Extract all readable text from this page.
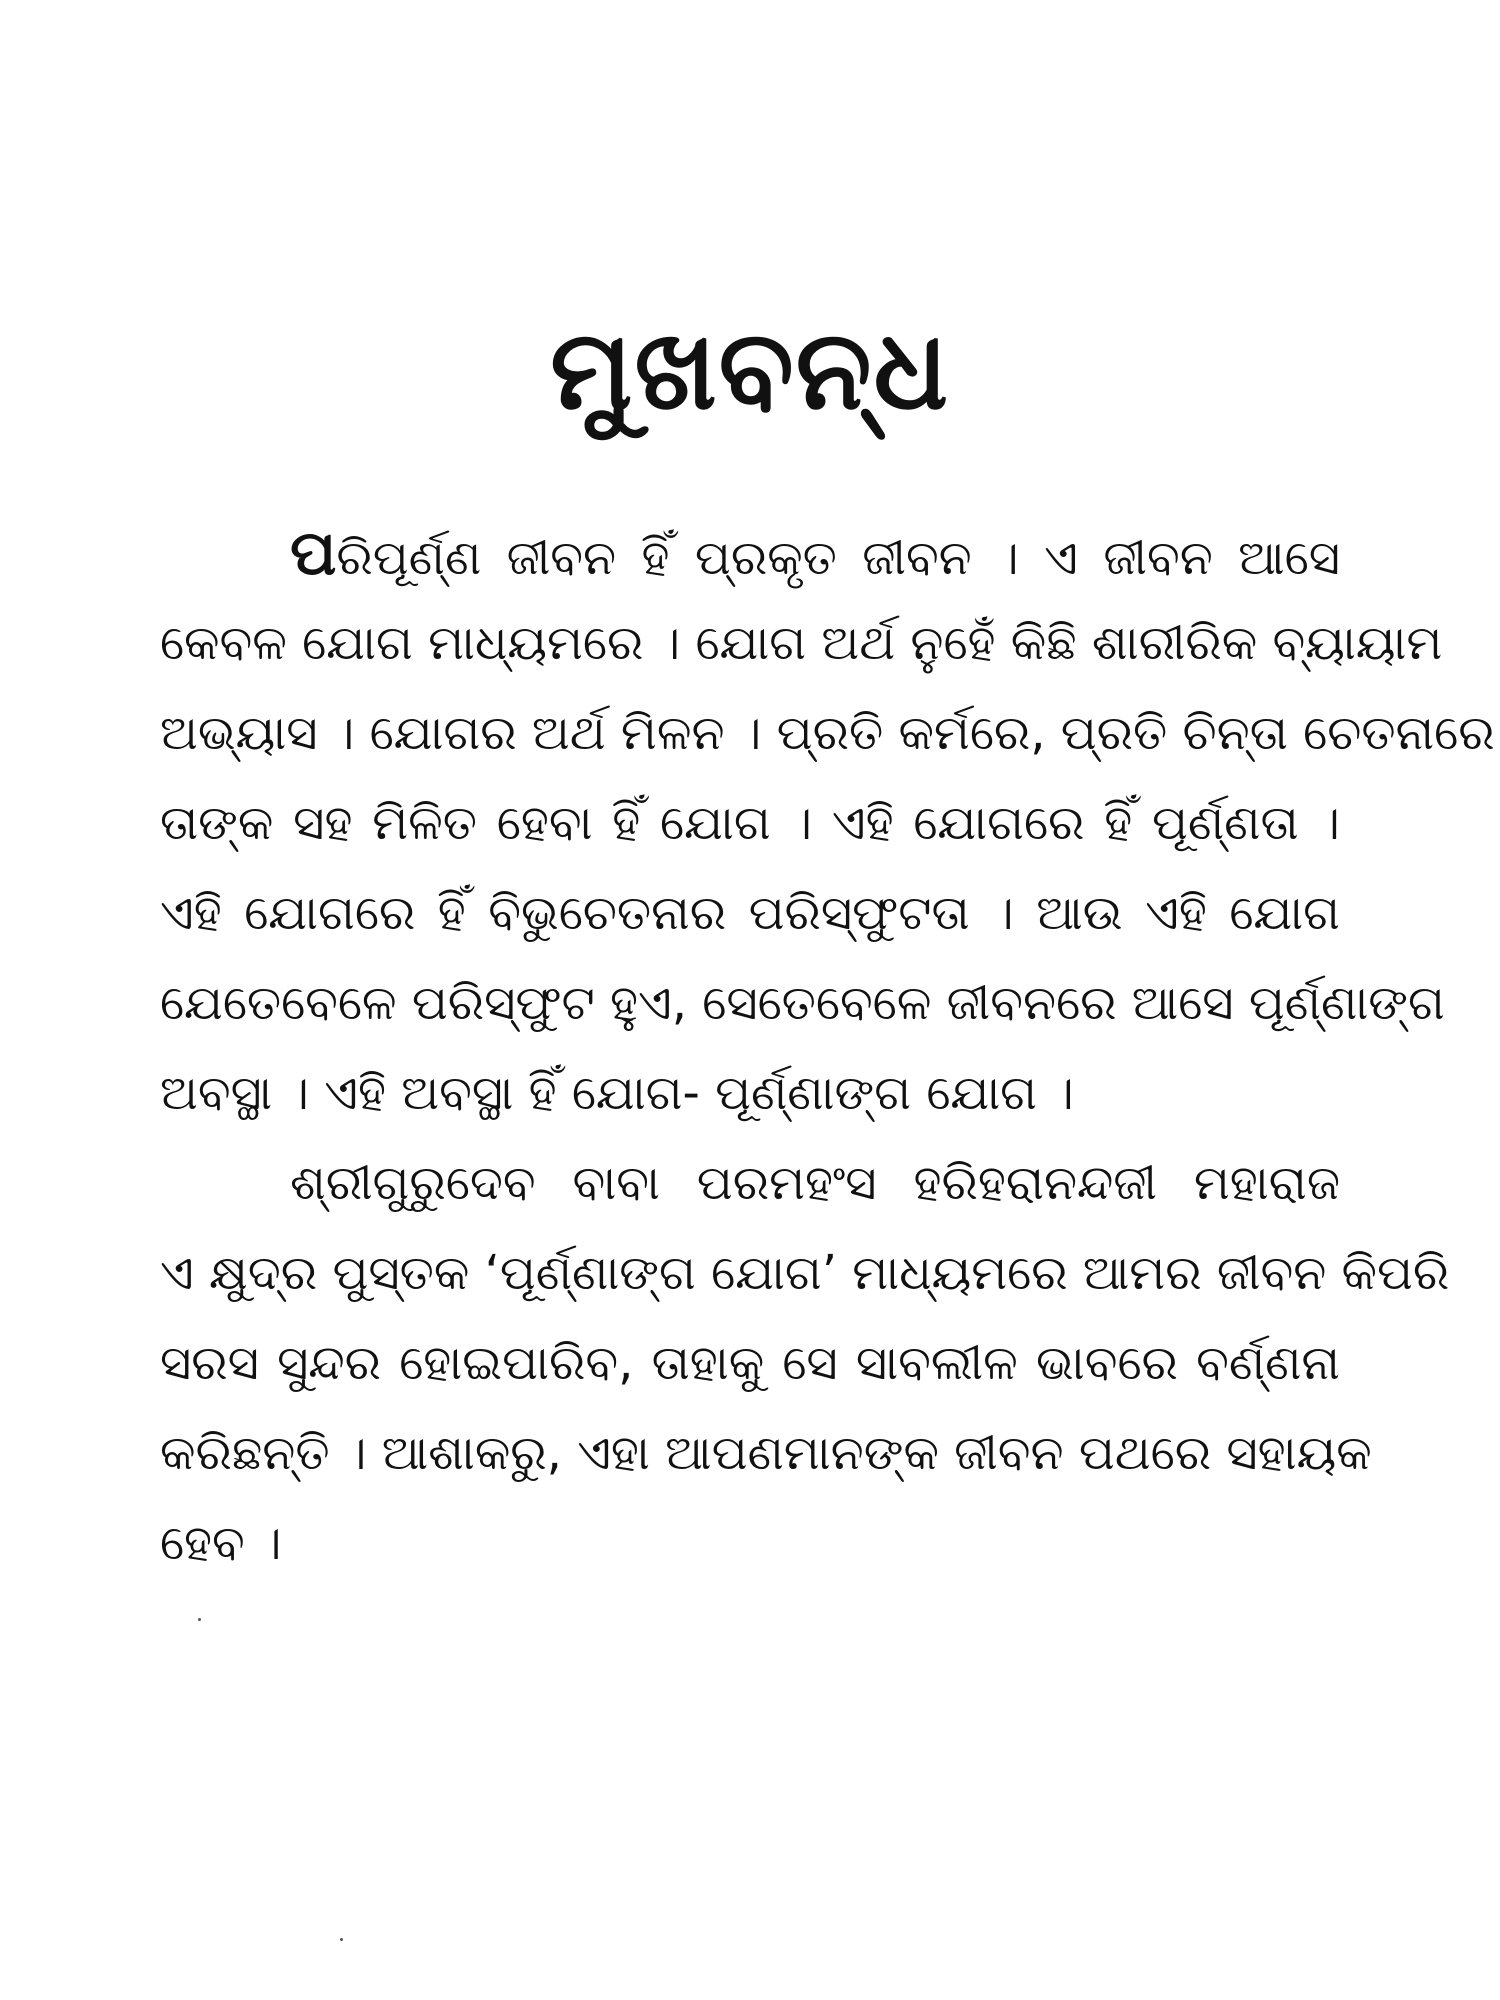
ମୁଖବନ୍ଧ
ପରିପୂର୍ଣ୍ଣ ଜୀବନ ହିଁ ପ୍ରକୃତ ଜୀବନ । ଏ ଜୀବନ ଆସେ
କେବଳ ଯୋଗ ମାଧ୍ୟମରେ । ଯୋଗ ଅର୍ଥ ନୁହେଁ କିଛି ଶାରୀରିକ ବ୍ୟାୟାମ
ଅଭ୍ୟାସ । ଯୋଗର ଅର୍ଥ ମିଳନ । ପ୍ରତି କର୍ମରେ, ପ୍ରତି ଚିନ୍ତା ଚେତନାରେ
ତାଙ୍କ ସହ ମିଳିତ ହେବା ହିଁ ଯୋଗ । ଏହି ଯୋଗରେ ହିଁ ପୂର୍ଣ୍ଣତା ।
ଏହି ଯୋଗରେ ହିଁ ବିଭୁଚେତନାର ପରିସ୍ଫୁଟତା । ଆଉ ଏହି ଯୋଗ
ଯେତେବେଳେ ପରିସ୍ଫୁଟ ହୁଏ, ସେତେବେଳେ ଜୀବନରେ ଆସେ ପୂର୍ଣ୍ଣାଙ୍ଗ
ଅବସ୍ଥା । ଏହି ଅବସ୍ଥା ହିଁ ଯୋଗ- ପୂର୍ଣ୍ଣାଙ୍ଗ ଯୋଗ ।
ଶ୍ରୀଗୁରୁଦେବ ବାବା ପରମହଂସ ହରିହରାନନ୍ଦଜୀ ମହାରାଜ
ଏ କ୍ଷୁଦ୍ର ପୁସ୍ତକ ‘ପୂର୍ଣ୍ଣାଙ୍ଗ ଯୋଗ’ ମାଧ୍ୟମରେ ଆମର ଜୀବନ କିପରି
ସରସ ସୁନ୍ଦର ହୋଇପାରିବ, ତାହାକୁ ସେ ସାବଲୀଳ ଭାବରେ ବର୍ଣ୍ଣନା
କରିଛନ୍ତି । ଆଶାକରୁ, ଏହା ଆପଣମାନଙ୍କ ଜୀବନ ପଥରେ ସହାୟକ
ହେବ ।
